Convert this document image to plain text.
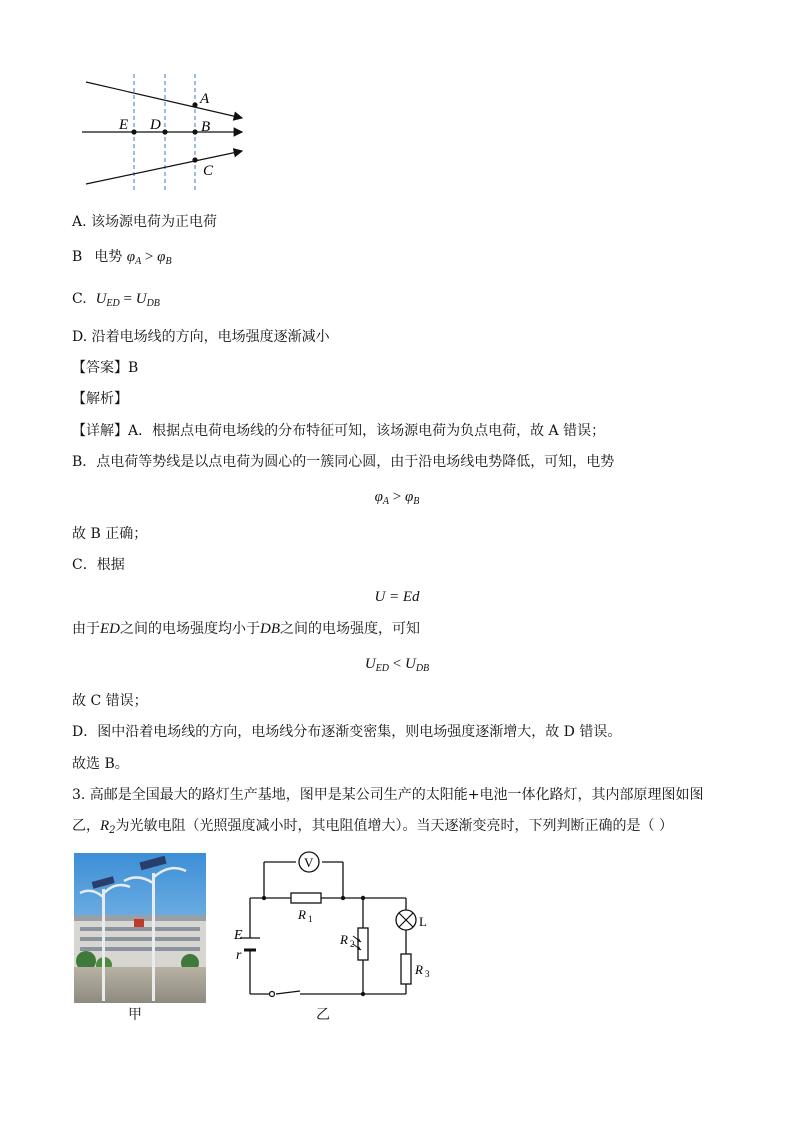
A
E D	B
C
A. 该场源电荷为正电荷
B 电势 $\varphi_A > \varphi_B$
C. $U_{ED} = U_{DB}$
D. 沿着电场线的方向，电场强度逐渐减小
【答案】B
【解析】
【详解】A．根据点电荷电场线的分布特征可知，该场源电荷为负点电荷，故 A 错误；
B．点电荷等势线是以点电荷为圆心的一簇同心圆，由于沿电场线电势降低，可知，电势
$\varphi_A > \varphi_B$
故 B 正确；
C．根据
U = Ed
由于ED之间的电场强度均小于DB之间的电场强度，可知
$U_{ED} < U_{DB}$
故 C 错误；
D．图中沿着电场线的方向，电场线分布逐渐变密集，则电场强度逐渐增大，故 D 错误。
故选 B。
3. 高邮是全国最大的路灯生产基地，图甲是某公司生产的太阳能+电池一体化路灯，其内部原理图如图
乙，$R_2$为光敏电阻（光照强度减小时，其电阻值增大）。当天逐渐变亮时，下列判断正确的是（ ）
甲
V
R 1
E
r
R 2
L
R 3
乙
